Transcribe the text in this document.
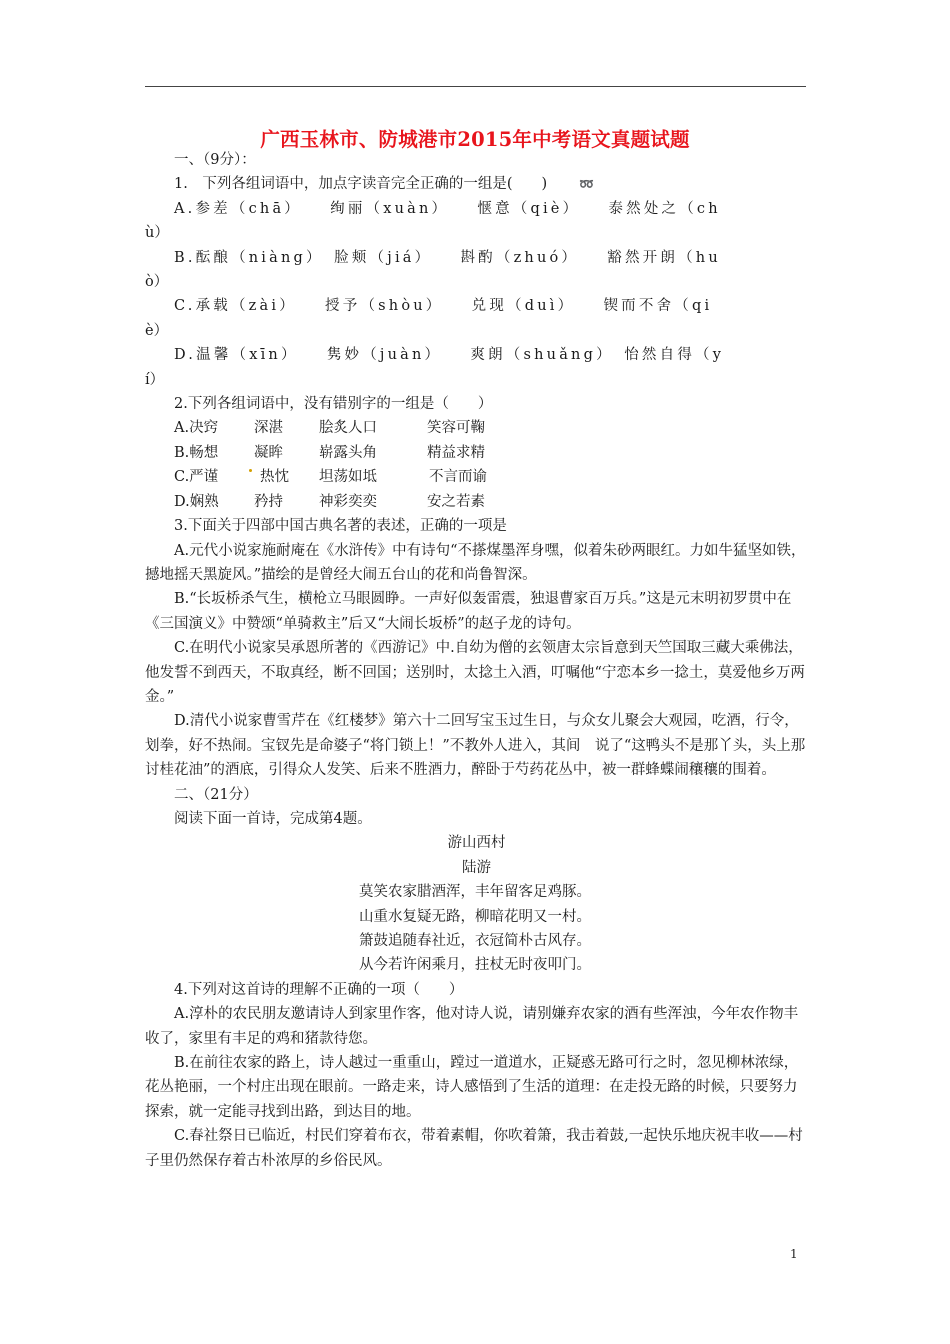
广西玉林市、防城港市2015年中考语文真题试题

一、（9分）：

1.　下列各组词语中，加点字读音完全正确的一组是(　　)	➿

A.参差（chā）　　绚丽（xuàn）　　惬意（qiè）　　泰然处之（ch

ù）

B.酝酿（niàng）　脸颊（jiá）　　斟酌（zhuó）　　豁然开朗（hu

ò）

C.承载（zài）　　授予（shòu）　　兑现（duì）　　锲而不舍（qi

è）

D.温馨（xīn）　　隽妙（juàn）　　爽朗（shuǎng）　怡然自得（y

í）

2.下列各组词语中，没有错别字的一组是（　　）

A.决窍	深湛	脍炙人口	笑容可鞠
B.畅想	凝眸	崭露头角	精益求精
C.严谨	热忱	坦荡如坻	不言而谕
D.娴熟	矜持	神彩奕奕	安之若素

3.下面关于四部中国古典名著的表述，正确的一项是

A.元代小说家施耐庵在《水浒传》中有诗句“不搽煤墨浑身嘿，似着朱砂两眼红。力如牛猛坚如铁，撼地摇天黑旋风。”描绘的是曾经大闹五台山的花和尚鲁智深。

B.“长坂桥杀气生，横枪立马眼圆睁。一声好似轰雷震，独退曹家百万兵。”这是元末明初罗贯中在《三国演义》中赞颂“单骑救主”后又“大闹长坂桥”的赵子龙的诗句。

C.在明代小说家吴承恩所著的《西游记》中.自幼为僧的玄领唐太宗旨意到天竺国取三藏大乘佛法，他发誓不到西天，不取真经，断不回国；送别时，太捻土入酒，叮嘱他“宁恋本乡一捻土，莫爱他乡万两金。”

D.清代小说家曹雪芹在《红楼梦》第六十二回写宝玉过生日，与众女儿聚会大观园，吃酒，行令，划拳，好不热闹。宝钗先是命婆子“将门锁上！”不教外人进入，其间　说了“这鸭头不是那丫头，头上那讨桂花油”的酒底，引得众人发笑、后来不胜酒力，醉卧于芍药花丛中，被一群蜂蝶闹穰穰的围着。

二、（21分）

阅读下面一首诗，完成第4题。

游山西村

陆游

莫笑农家腊酒浑，丰年留客足鸡豚。

山重水复疑无路，柳暗花明又一村。

箫鼓追随春社近，衣冠简朴古风存。

从今若许闲乘月，拄杖无时夜叩门。

4.下列对这首诗的理解不正确的一项（　　）

A.淳朴的农民朋友邀请诗人到家里作客，他对诗人说，请别嫌弃农家的酒有些浑浊，今年农作物丰收了，家里有丰足的鸡和猪款待您。

B.在前往农家的路上，诗人越过一重重山，蹚过一道道水，正疑惑无路可行之时，忽见柳林浓绿，花丛艳丽，一个村庄出现在眼前。一路走来，诗人感悟到了生活的道理：在走投无路的时候，只要努力探索，就一定能寻找到出路，到达目的地。

C.春社祭日已临近，村民们穿着布衣，带着素帽，你吹着箫，我击着鼓,一起快乐地庆祝丰收——村子里仍然保存着古朴浓厚的乡俗民风。

1
